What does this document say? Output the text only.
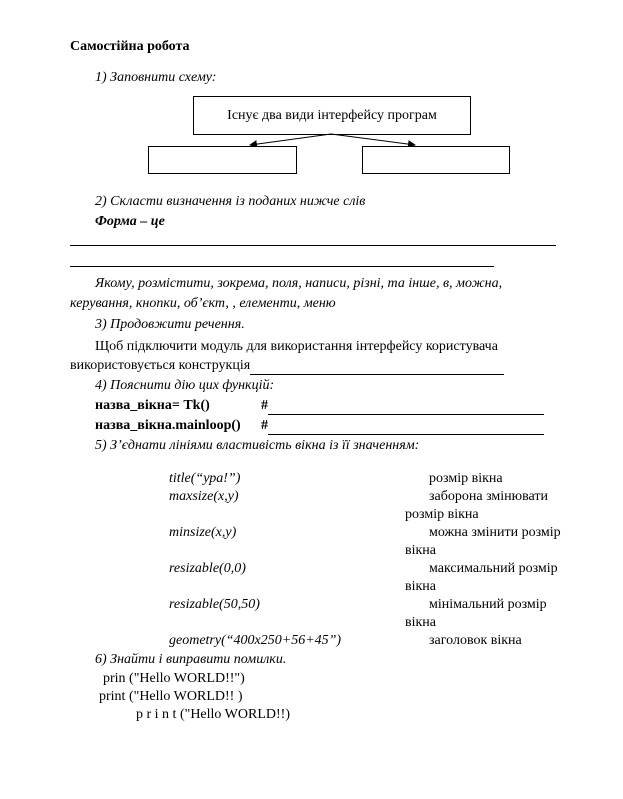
Самостійна робота
1) Заповнити схему:
Існує два види інтерфейсу програм
2) Скласти визначення із поданих нижче слів
Форма – це
Якому, розмістити, зокрема, поля, написи, різні, та інше, в, можна,
керування, кнопки, об’єкт, , елементи, меню
3) Продовжити речення.
Щоб підключити модуль для використання інтерфейсу користувача
використовується конструкція
4) Пояснити дію цих функцій:
назва_вікна= Tk()	#
назва_вікна.mainloop() #
5) З’єднати лініями властивість вікна із її значенням:
title(“ура!”)
maxsize(x,y)
minsize(x,y)
resizable(0,0)
resizable(50,50)
geometry(“400x250+56+45”)
розмір вікна
заборона змінювати
розмір вікна
можна змінити розмір
вікна
максимальний розмір
вікна
мінімальний розмір
вікна
заголовок вікна
6) Знайти і виправити помилки.
prin ("Hello WORLD!!")
print ("Hello WORLD!! )
p r i n t ("Hello WORLD!!)
